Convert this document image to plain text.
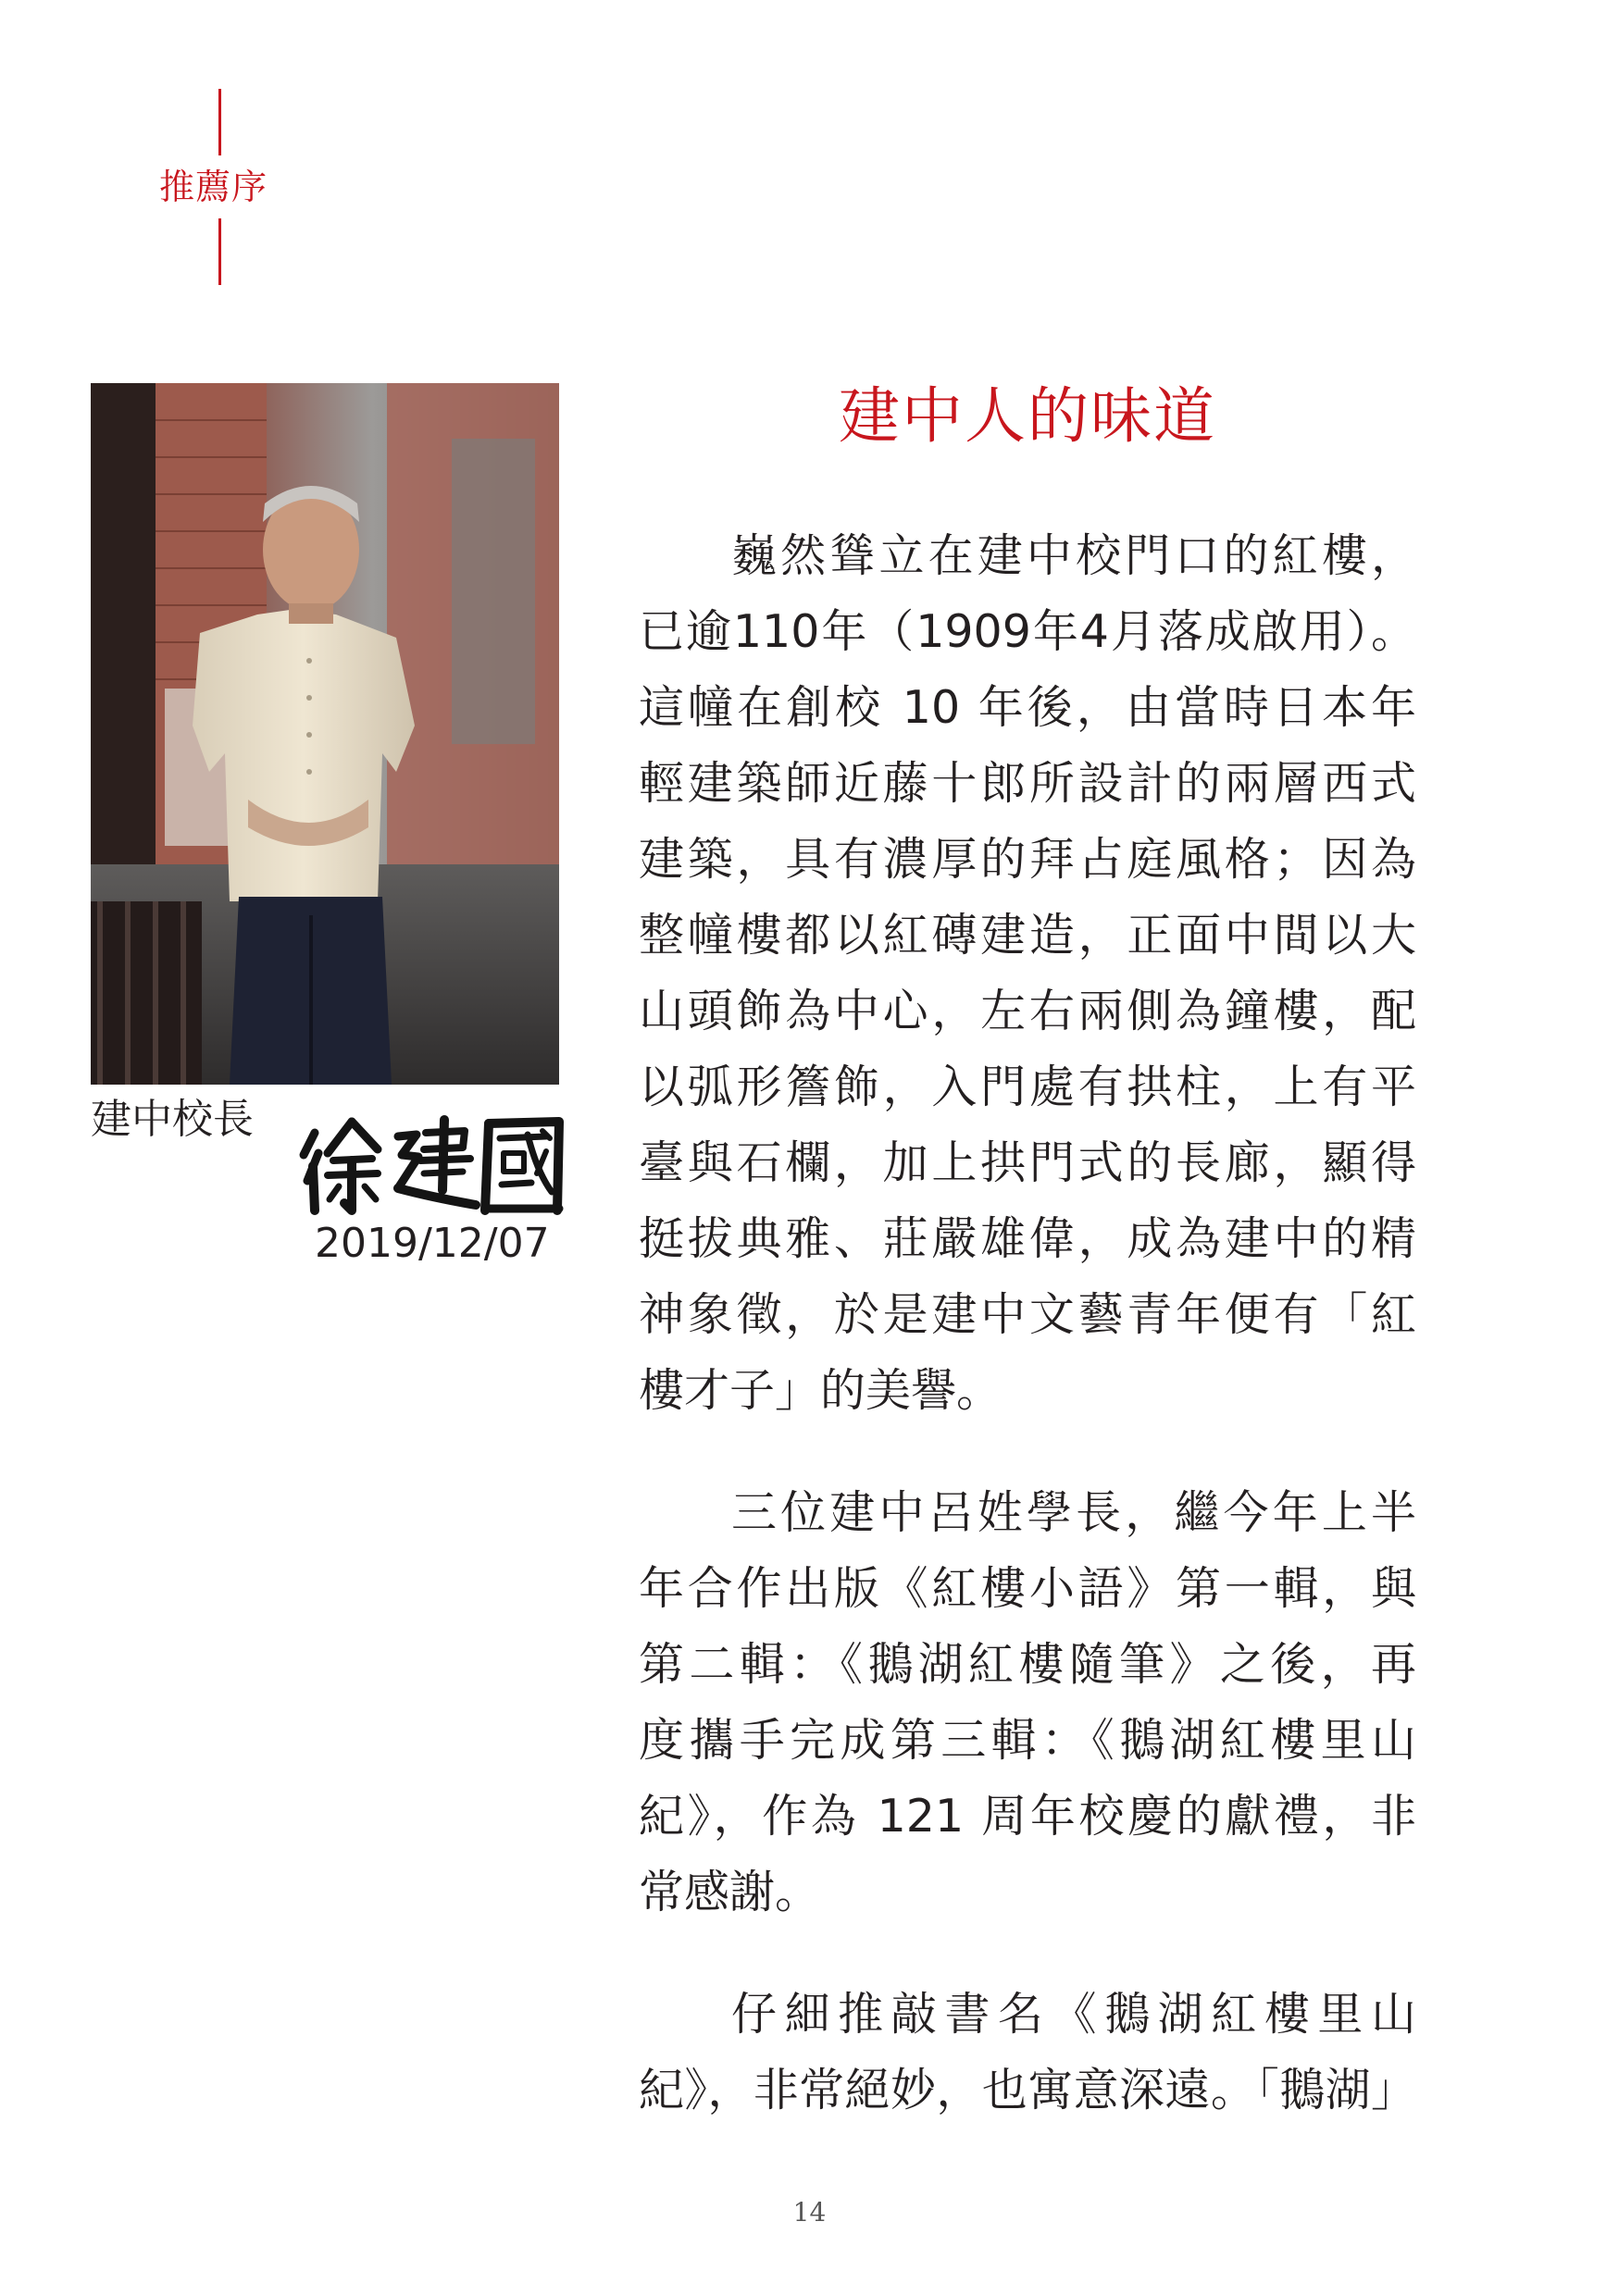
推薦序
建中校長
2019/12/07
建中人的味道

巍然聳立在建中校門口的紅樓，
已逾110年（1909年4月落成啟用）。
這幢在創校 10 年後，由當時日本年
輕建築師近藤十郎所設計的兩層西式
建築，具有濃厚的拜占庭風格；因為
整幢樓都以紅磚建造，正面中間以大
山頭飾為中心，左右兩側為鐘樓，配
以弧形簷飾，入門處有拱柱，上有平
臺與石欄，加上拱門式的長廊，顯得
挺拔典雅、莊嚴雄偉，成為建中的精
神象徵，於是建中文藝青年便有「紅
樓才子」的美譽。

三位建中呂姓學長，繼今年上半
年合作出版《紅樓小語》第一輯，與
第二輯：《鵝湖紅樓隨筆》之後，再
度攜手完成第三輯：《鵝湖紅樓里山
紀》，作為 121 周年校慶的獻禮，非
常感謝。

仔細推敲書名《鵝湖紅樓里山
紀》，非常絕妙，也寓意深遠。「鵝湖」

14
